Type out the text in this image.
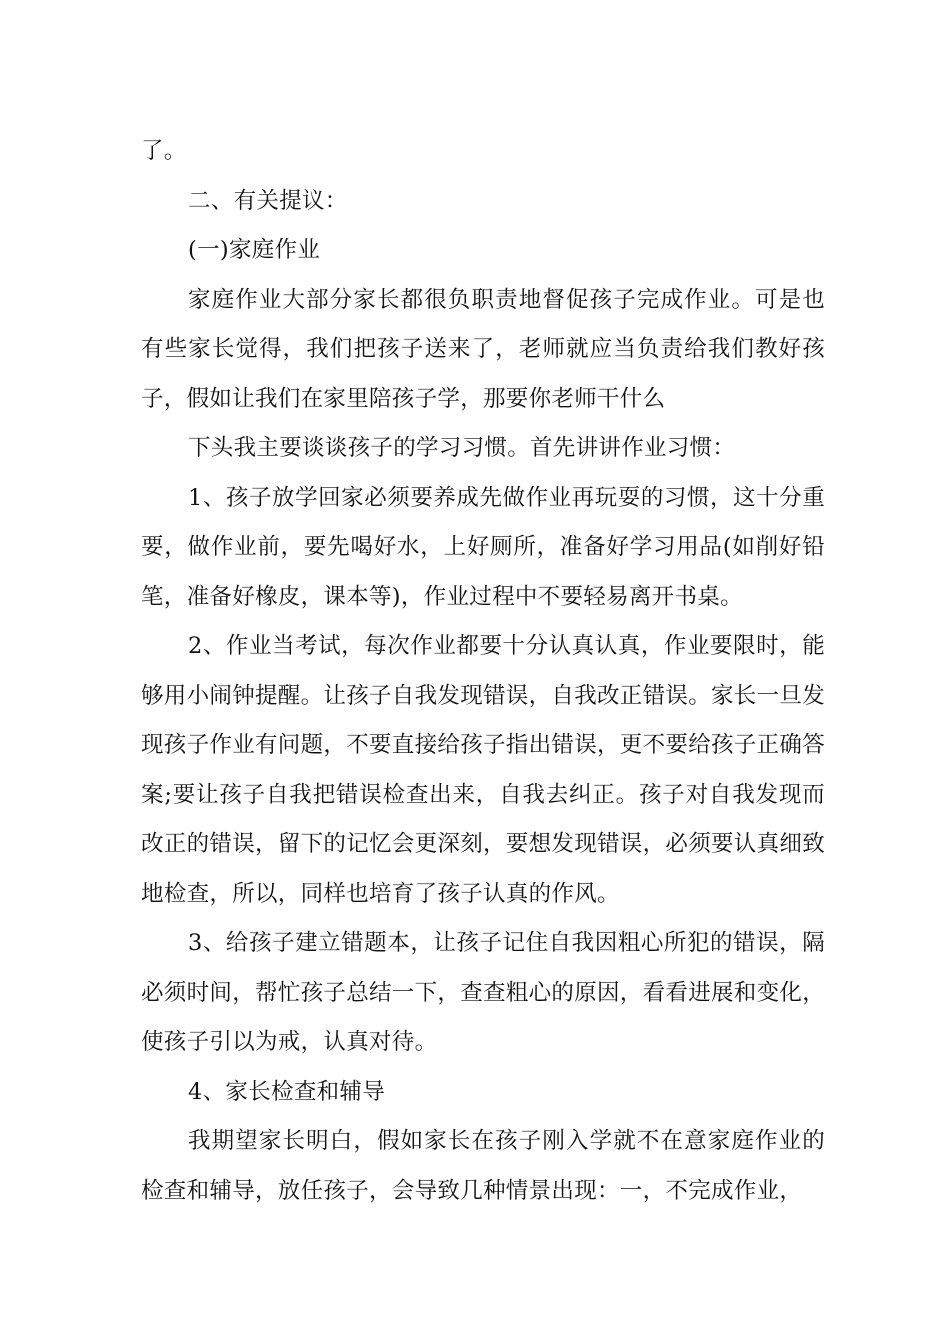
了。

二、有关提议：

(一)家庭作业

家庭作业大部分家长都很负职责地督促孩子完成作业。可是也有些家长觉得，我们把孩子送来了，老师就应当负责给我们教好孩子，假如让我们在家里陪孩子学，那要你老师干什么

下头我主要谈谈孩子的学习习惯。首先讲讲作业习惯：

1、孩子放学回家必须要养成先做作业再玩耍的习惯，这十分重要，做作业前，要先喝好水，上好厕所，准备好学习用品(如削好铅笔，准备好橡皮，课本等)，作业过程中不要轻易离开书桌。

2、作业当考试，每次作业都要十分认真认真，作业要限时，能够用小闹钟提醒。让孩子自我发现错误，自我改正错误。家长一旦发现孩子作业有问题，不要直接给孩子指出错误，更不要给孩子正确答案;要让孩子自我把错误检查出来，自我去纠正。孩子对自我发现而改正的错误，留下的记忆会更深刻，要想发现错误，必须要认真细致地检查，所以，同样也培育了孩子认真的作风。

3、给孩子建立错题本，让孩子记住自我因粗心所犯的错误，隔必须时间，帮忙孩子总结一下，查查粗心的原因，看看进展和变化，使孩子引以为戒，认真对待。

4、家长检查和辅导

我期望家长明白，假如家长在孩子刚入学就不在意家庭作业的检查和辅导，放任孩子，会导致几种情景出现：一，不完成作业，
